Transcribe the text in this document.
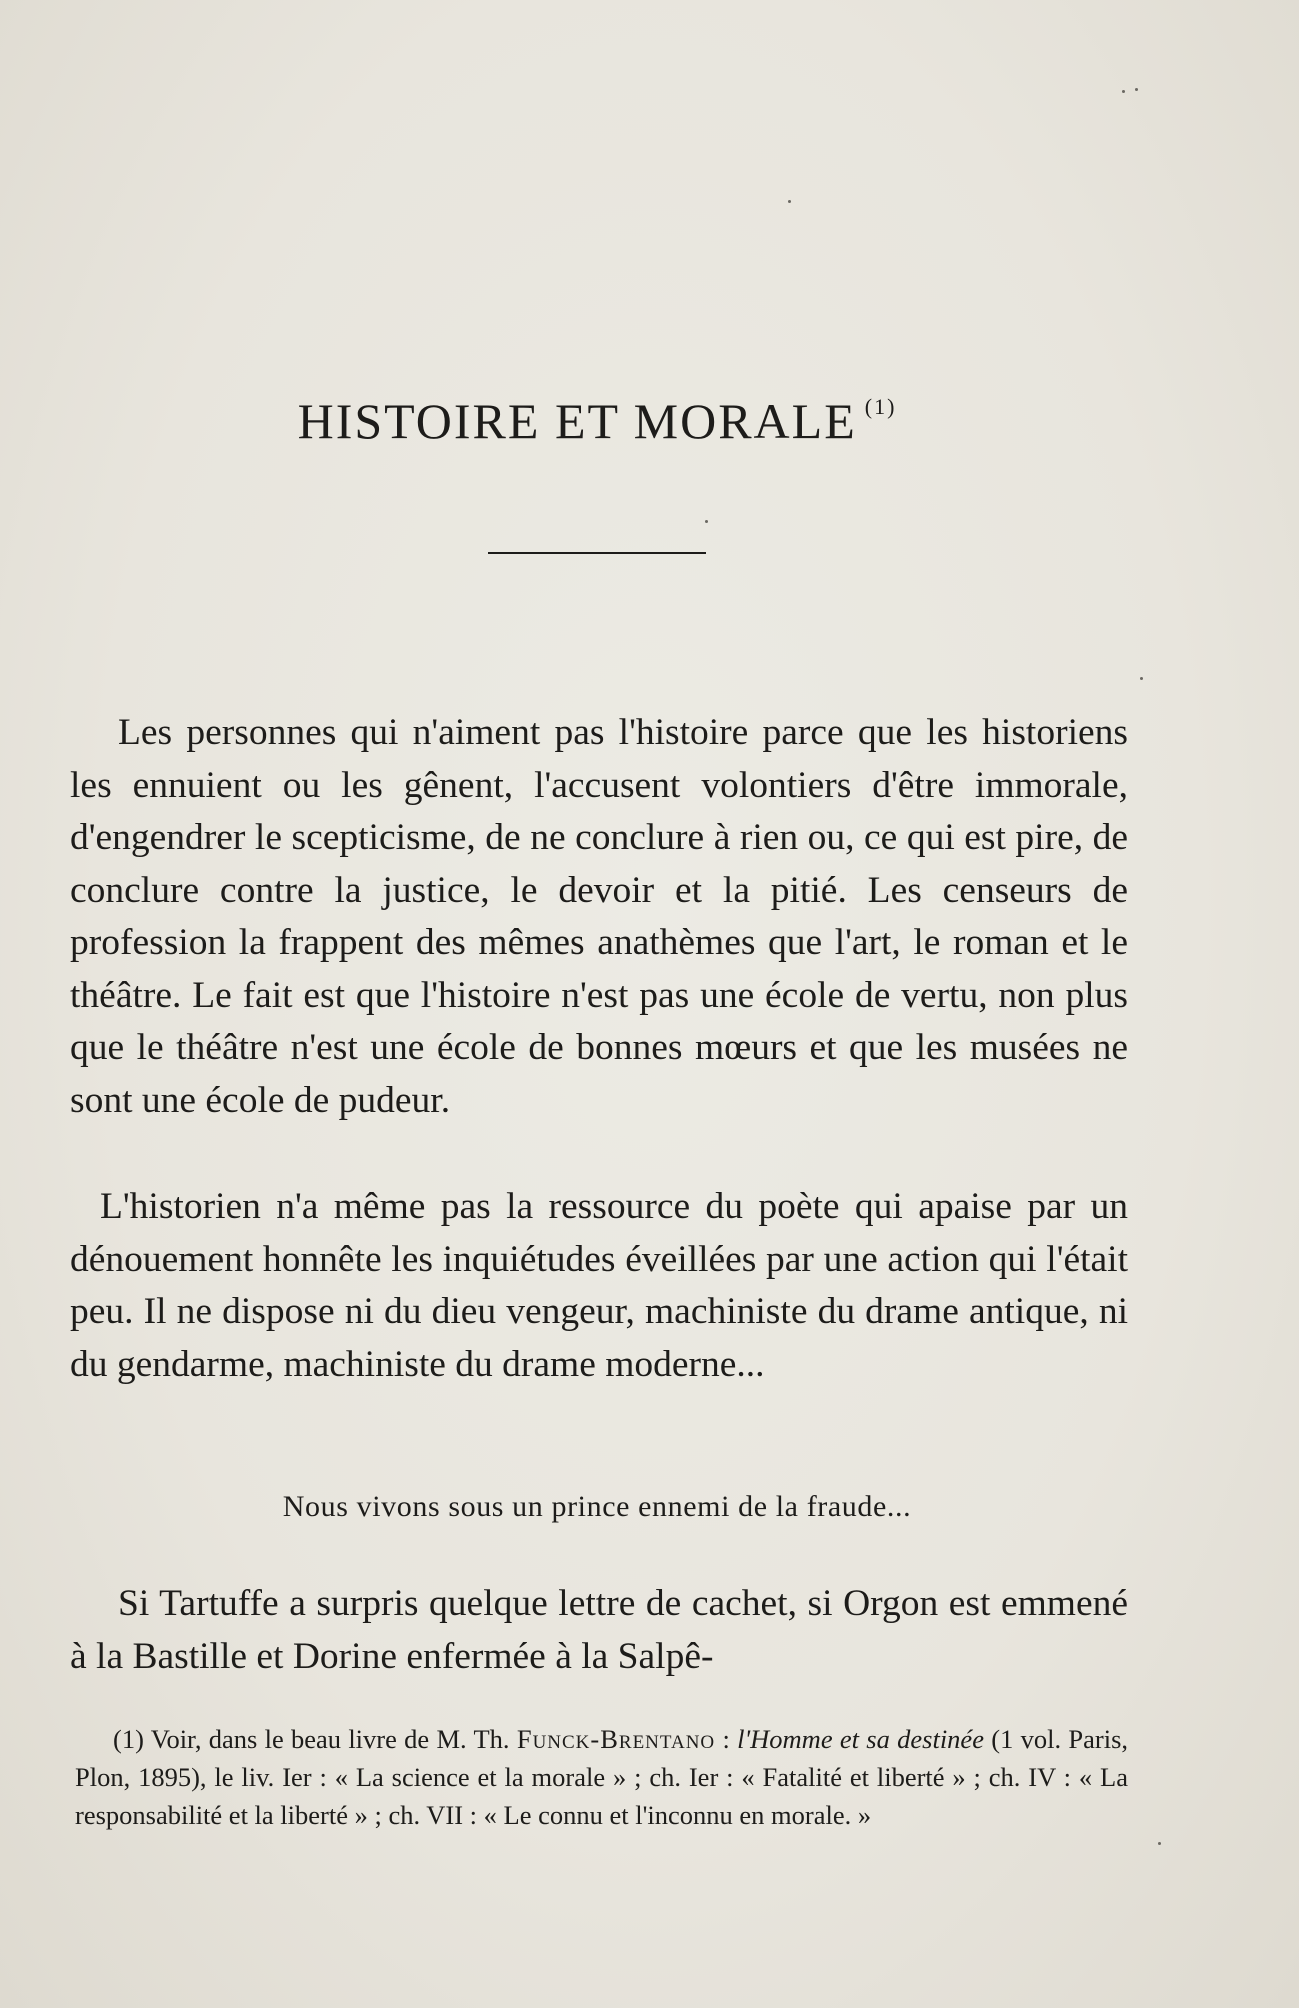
HISTOIRE ET MORALE $^{(1)}$

Les personnes qui n'aiment pas l'histoire parce que les historiens les ennuient ou les gênent, l'accusent volontiers d'être immorale, d'engendrer le scepticisme, de ne conclure à rien ou, ce qui est pire, de conclure contre la justice, le devoir et la pitié. Les censeurs de profession la frappent des mêmes anathèmes que l'art, le roman et le théâtre. Le fait est que l'histoire n'est pas une école de vertu, non plus que le théâtre n'est une école de bonnes mœurs et que les musées ne sont une école de pudeur.

L'historien n'a même pas la ressource du poète qui apaise par un dénouement honnête les inquiétudes éveillées par une action qui l'était peu. Il ne dispose ni du dieu vengeur, machiniste du drame antique, ni du gendarme, machiniste du drame moderne...

Nous vivons sous un prince ennemi de la fraude...

Si Tartuffe a surpris quelque lettre de cachet, si Orgon est emmené à la Bastille et Dorine enfermée à la Salpê-

(1) Voir, dans le beau livre de M. Th. Funck-Brentano : l'Homme et sa destinée (1 vol. Paris, Plon, 1895), le liv. Ier : « La science et la morale » ; ch. Ier : « Fatalité et liberté » ; ch. IV : « La responsabilité et la liberté » ; ch. VII : « Le connu et l'inconnu en morale. »
